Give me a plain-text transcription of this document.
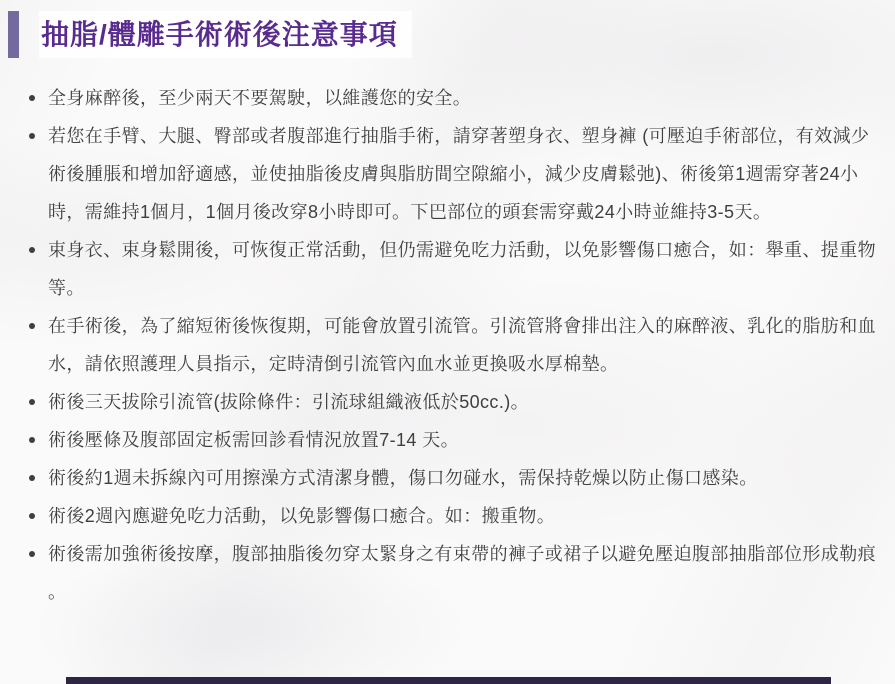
抽脂/體雕手術術後注意事項
全身麻醉後，至少兩天不要駕駛，以維護您的安全。
若您在手臂、大腿、臀部或者腹部進行抽脂手術，請穿著塑身衣、塑身褲 (可壓迫手術部位，有效減少術後腫脹和增加舒適感，並使抽脂後皮膚與脂肪間空隙縮小，減少皮膚鬆弛)、術後第1週需穿著24小時，需維持1個月，1個月後改穿8小時即可。下巴部位的頭套需穿戴24小時並維持3-5天。
束身衣、束身鬆開後，可恢復正常活動，但仍需避免吃力活動，以免影響傷口癒合，如：舉重、提重物等。
在手術後，為了縮短術後恢復期，可能會放置引流管。引流管將會排出注入的麻醉液、乳化的脂肪和血水，請依照護理人員指示，定時清倒引流管內血水並更換吸水厚棉墊。
術後三天拔除引流管(拔除條件：引流球組織液低於50cc.)。
術後壓條及腹部固定板需回診看情況放置7-14 天。
術後約1週未拆線內可用擦澡方式清潔身體，傷口勿碰水，需保持乾燥以防止傷口感染。
術後2週內應避免吃力活動，以免影響傷口癒合。如：搬重物。
術後需加強術後按摩，腹部抽脂後勿穿太緊身之有束帶的褲子或裙子以避免壓迫腹部抽脂部位形成勒痕 。
